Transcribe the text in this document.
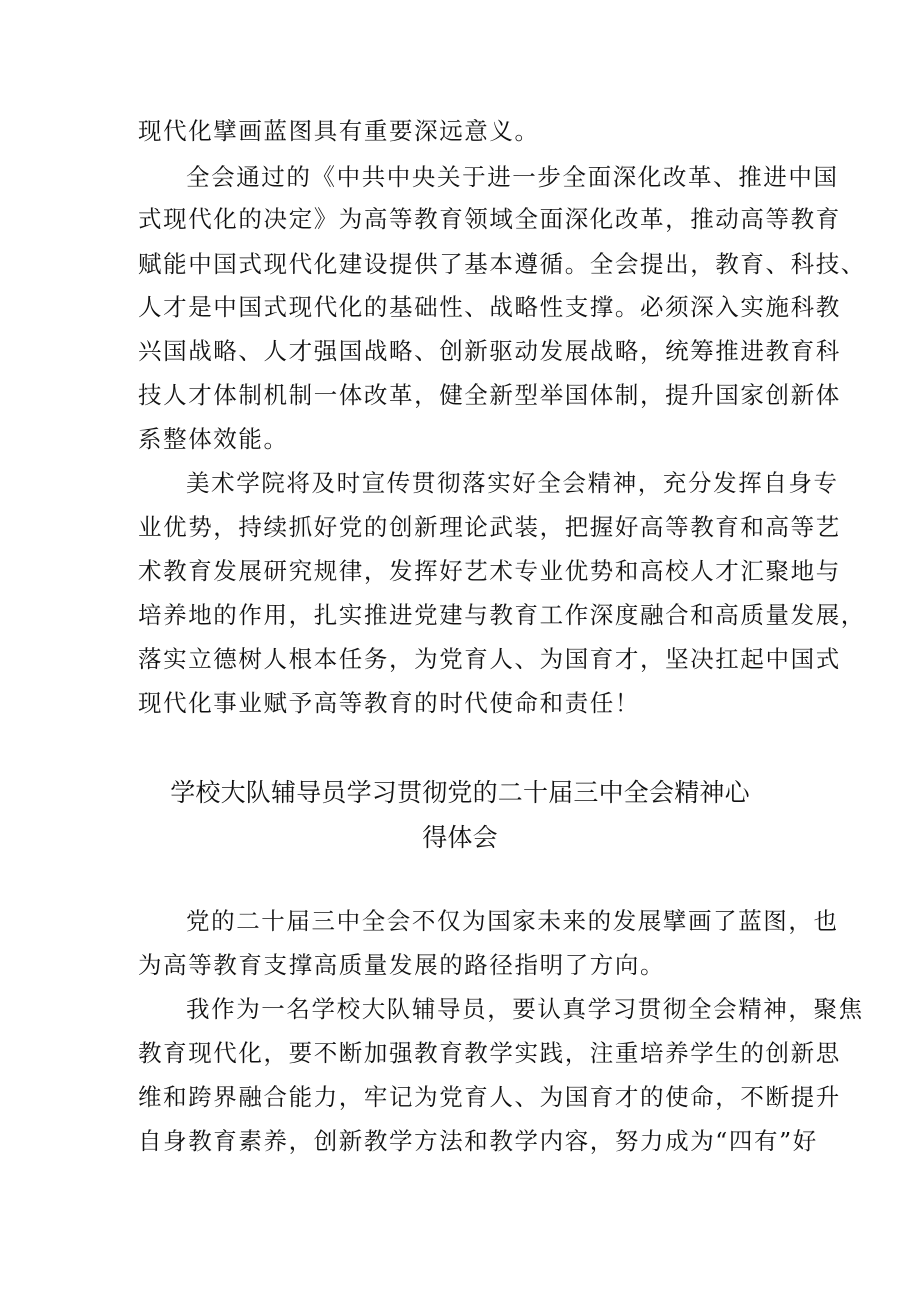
现代化擘画蓝图具有重要深远意义。
全会通过的《中共中央关于进一步全面深化改革、推进中国
式现代化的决定》为高等教育领域全面深化改革，推动高等教育
赋能中国式现代化建设提供了基本遵循。全会提出，教育、科技、
人才是中国式现代化的基础性、战略性支撑。必须深入实施科教
兴国战略、人才强国战略、创新驱动发展战略，统筹推进教育科
技人才体制机制一体改革，健全新型举国体制，提升国家创新体
系整体效能。
美术学院将及时宣传贯彻落实好全会精神，充分发挥自身专
业优势，持续抓好党的创新理论武装，把握好高等教育和高等艺
术教育发展研究规律，发挥好艺术专业优势和高校人才汇聚地与
培养地的作用，扎实推进党建与教育工作深度融合和高质量发展，
落实立德树人根本任务，为党育人、为国育才，坚决扛起中国式
现代化事业赋予高等教育的时代使命和责任！
学校大队辅导员学习贯彻党的二十届三中全会精神心
得体会
党的二十届三中全会不仅为国家未来的发展擘画了蓝图，也
为高等教育支撑高质量发展的路径指明了方向。
我作为一名学校大队辅导员，要认真学习贯彻全会精神，聚焦
教育现代化，要不断加强教育教学实践，注重培养学生的创新思
维和跨界融合能力，牢记为党育人、为国育才的使命，不断提升
自身教育素养，创新教学方法和教学内容，努力成为“四有”好
